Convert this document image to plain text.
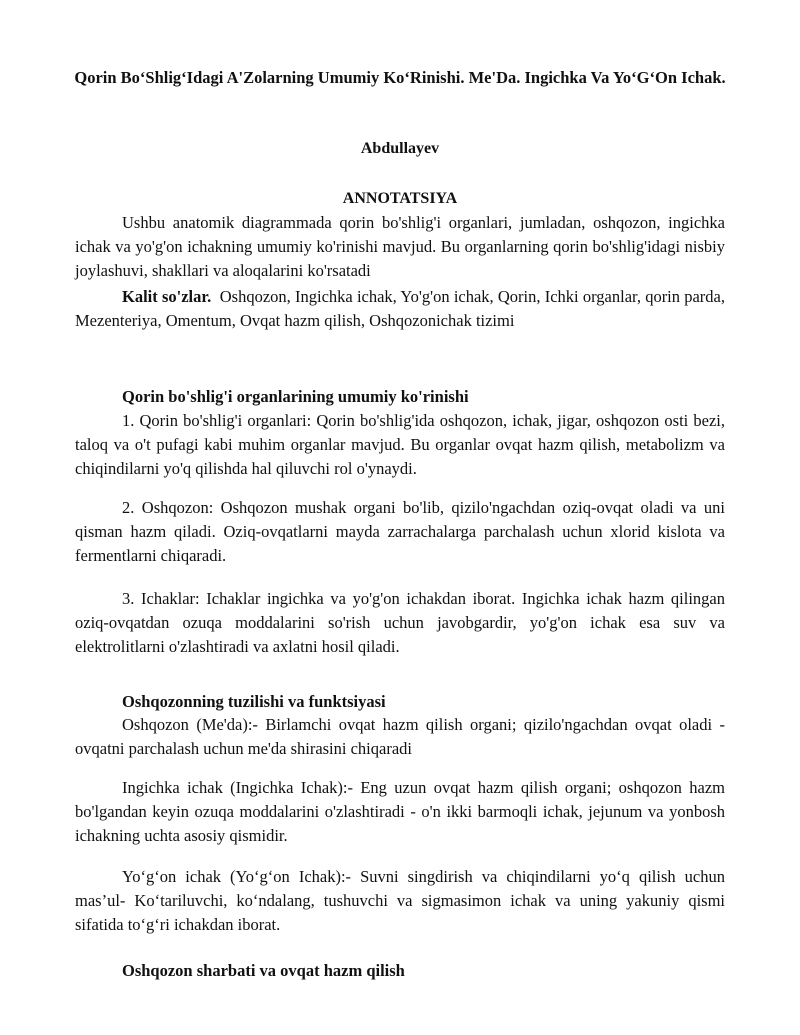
Qorin Bo‘Shlig‘Idagi A'Zolarning Umumiy Ko‘Rinishi. Me'Da. Ingichka Va Yo‘G‘On Ichak.

Abdullayev

ANNOTATSIYA

Ushbu anatomik diagrammada qorin bo'shlig'i organlari, jumladan, oshqozon, ingichka ichak va yo'g'on ichakning umumiy ko'rinishi mavjud. Bu organlarning qorin bo'shlig'idagi nisbiy joylashuvi, shakllari va aloqalarini ko'rsatadi

Kalit so'zlar. Oshqozon, Ingichka ichak, Yo'g'on ichak, Qorin, Ichki organlar, qorin parda, Mezenteriya, Omentum, Ovqat hazm qilish, Oshqozonichak tizimi

Qorin bo'shlig'i organlarining umumiy ko'rinishi

1. Qorin bo'shlig'i organlari: Qorin bo'shlig'ida oshqozon, ichak, jigar, oshqozon osti bezi, taloq va o't pufagi kabi muhim organlar mavjud. Bu organlar ovqat hazm qilish, metabolizm va chiqindilarni yo'q qilishda hal qiluvchi rol o'ynaydi.

2. Oshqozon: Oshqozon mushak organi bo'lib, qizilo'ngachdan oziq-ovqat oladi va uni qisman hazm qiladi. Oziq-ovqatlarni mayda zarrachalarga parchalash uchun xlorid kislota va fermentlarni chiqaradi.

3. Ichaklar: Ichaklar ingichka va yo'g'on ichakdan iborat. Ingichka ichak hazm qilingan oziq-ovqatdan ozuqa moddalarini so'rish uchun javobgardir, yo'g'on ichak esa suv va elektrolitlarni o'zlashtiradi va axlatni hosil qiladi.

Oshqozonning tuzilishi va funktsiyasi

Oshqozon (Me'da):- Birlamchi ovqat hazm qilish organi; qizilo'ngachdan ovqat oladi - ovqatni parchalash uchun me'da shirasini chiqaradi

Ingichka ichak (Ingichka Ichak):- Eng uzun ovqat hazm qilish organi; oshqozon hazm bo'lgandan keyin ozuqa moddalarini o'zlashtiradi - o'n ikki barmoqli ichak, jejunum va yonbosh ichakning uchta asosiy qismidir.

Yo‘g‘on ichak (Yo‘g‘on Ichak):- Suvni singdirish va chiqindilarni yo‘q qilish uchun mas’ul- Ko‘tariluvchi, ko‘ndalang, tushuvchi va sigmasimon ichak va uning yakuniy qismi sifatida to‘g‘ri ichakdan iborat.

Oshqozon sharbati va ovqat hazm qilish
